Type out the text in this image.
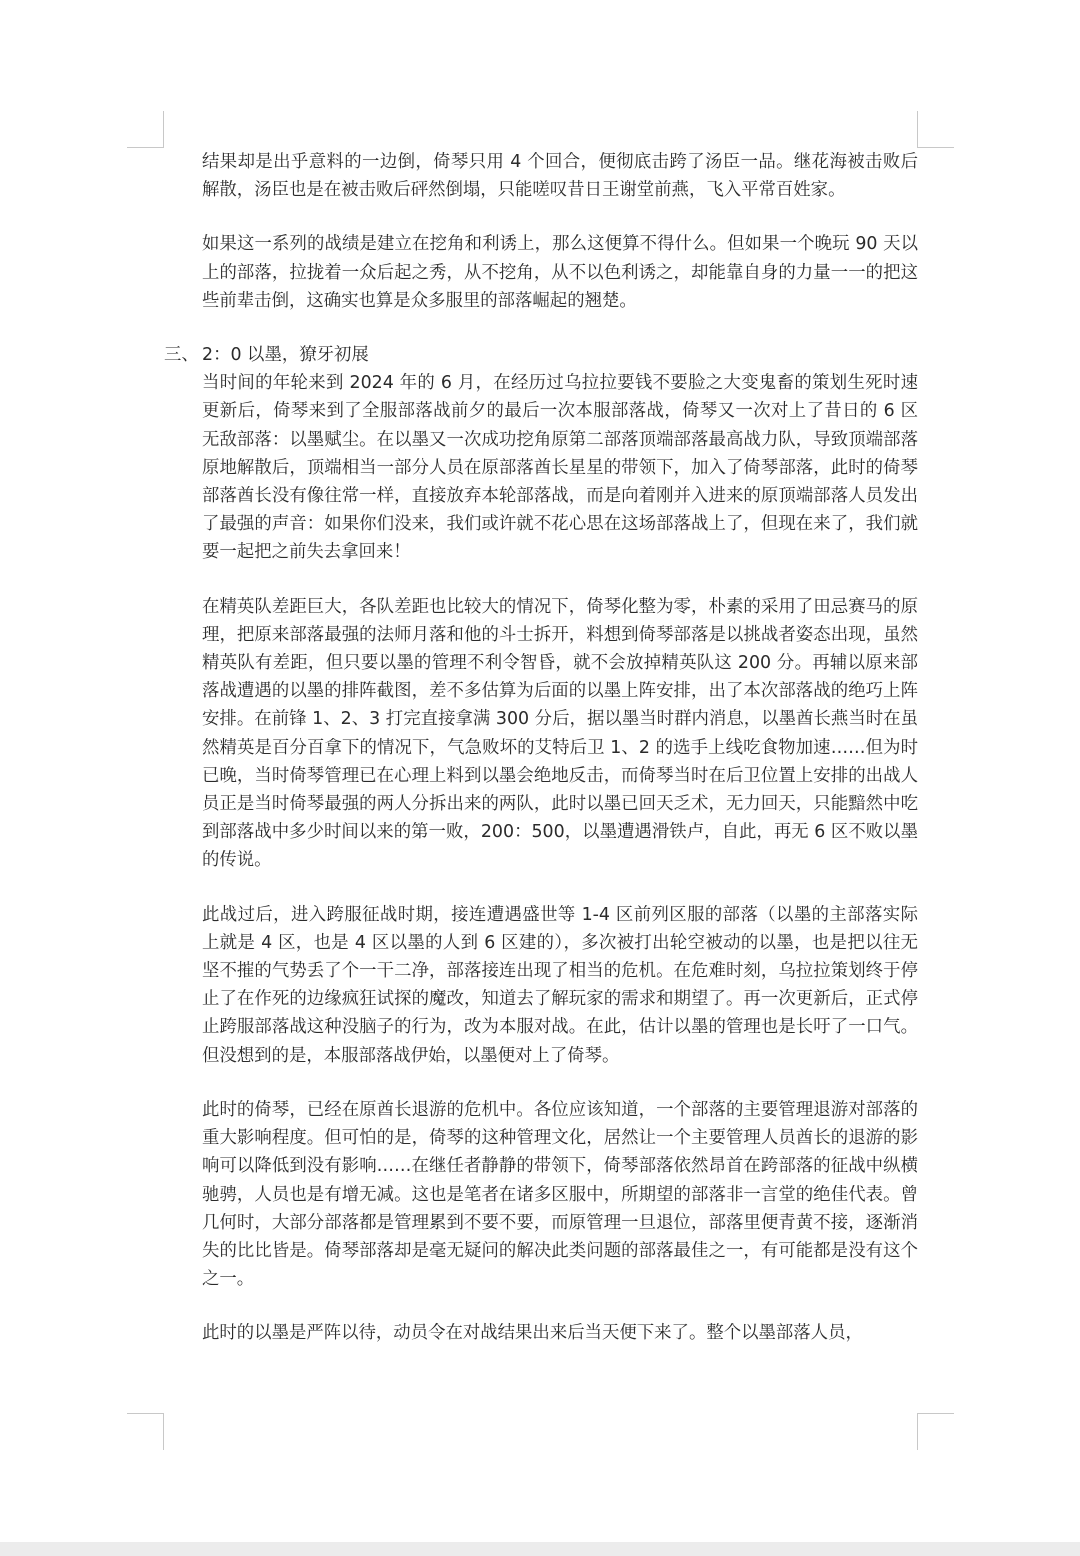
结果却是出乎意料的一边倒，倚琴只用 4 个回合，便彻底击跨了汤臣一品。继花海被击败后解散，汤臣也是在被击败后砰然倒塌，只能嗟叹昔日王谢堂前燕，飞入平常百姓家。

如果这一系列的战绩是建立在挖角和利诱上，那么这便算不得什么。但如果一个晚玩 90 天以上的部落，拉拢着一众后起之秀，从不挖角，从不以色利诱之，却能靠自身的力量一一的把这些前辈击倒，这确实也算是众多服里的部落崛起的翘楚。

三、 2：0 以墨，獠牙初展

当时间的年轮来到 2024 年的 6 月，在经历过乌拉拉要钱不要脸之大变鬼畜的策划生死时速更新后，倚琴来到了全服部落战前夕的最后一次本服部落战，倚琴又一次对上了昔日的 6 区无敌部落：以墨赋尘。在以墨又一次成功挖角原第二部落顶端部落最高战力队，导致顶端部落原地解散后，顶端相当一部分人员在原部落酋长星星的带领下，加入了倚琴部落，此时的倚琴部落酋长没有像往常一样，直接放弃本轮部落战，而是向着刚并入进来的原顶端部落人员发出了最强的声音：如果你们没来，我们或许就不花心思在这场部落战上了，但现在来了，我们就要一起把之前失去拿回来！

在精英队差距巨大，各队差距也比较大的情况下，倚琴化整为零，朴素的采用了田忌赛马的原理，把原来部落最强的法师月落和他的斗士拆开，料想到倚琴部落是以挑战者姿态出现，虽然精英队有差距，但只要以墨的管理不利令智昏，就不会放掉精英队这 200 分。再辅以原来部落战遭遇的以墨的排阵截图，差不多估算为后面的以墨上阵安排，出了本次部落战的绝巧上阵安排。在前锋 1、2、3 打完直接拿满 300 分后，据以墨当时群内消息，以墨酋长燕当时在虽然精英是百分百拿下的情况下，气急败坏的艾特后卫 1、2 的选手上线吃食物加速……但为时已晚，当时倚琴管理已在心理上料到以墨会绝地反击，而倚琴当时在后卫位置上安排的出战人员正是当时倚琴最强的两人分拆出来的两队，此时以墨已回天乏术，无力回天，只能黯然中吃到部落战中多少时间以来的第一败，200：500，以墨遭遇滑铁卢，自此，再无 6 区不败以墨的传说。

此战过后，进入跨服征战时期，接连遭遇盛世等 1-4 区前列区服的部落（以墨的主部落实际上就是 4 区，也是 4 区以墨的人到 6 区建的），多次被打出轮空被动的以墨，也是把以往无坚不摧的气势丢了个一干二净，部落接连出现了相当的危机。在危难时刻，乌拉拉策划终于停止了在作死的边缘疯狂试探的魔改，知道去了解玩家的需求和期望了。再一次更新后，正式停止跨服部落战这种没脑子的行为，改为本服对战。在此，估计以墨的管理也是长吁了一口气。但没想到的是，本服部落战伊始，以墨便对上了倚琴。

此时的倚琴，已经在原酋长退游的危机中。各位应该知道，一个部落的主要管理退游对部落的重大影响程度。但可怕的是，倚琴的这种管理文化，居然让一个主要管理人员酋长的退游的影响可以降低到没有影响……在继任者静静的带领下，倚琴部落依然昂首在跨部落的征战中纵横驰骋，人员也是有增无减。这也是笔者在诸多区服中，所期望的部落非一言堂的绝佳代表。曾几何时，大部分部落都是管理累到不要不要，而原管理一旦退位，部落里便青黄不接，逐渐消失的比比皆是。倚琴部落却是毫无疑问的解决此类问题的部落最佳之一，有可能都是没有这个之一。

此时的以墨是严阵以待，动员令在对战结果出来后当天便下来了。整个以墨部落人员，
